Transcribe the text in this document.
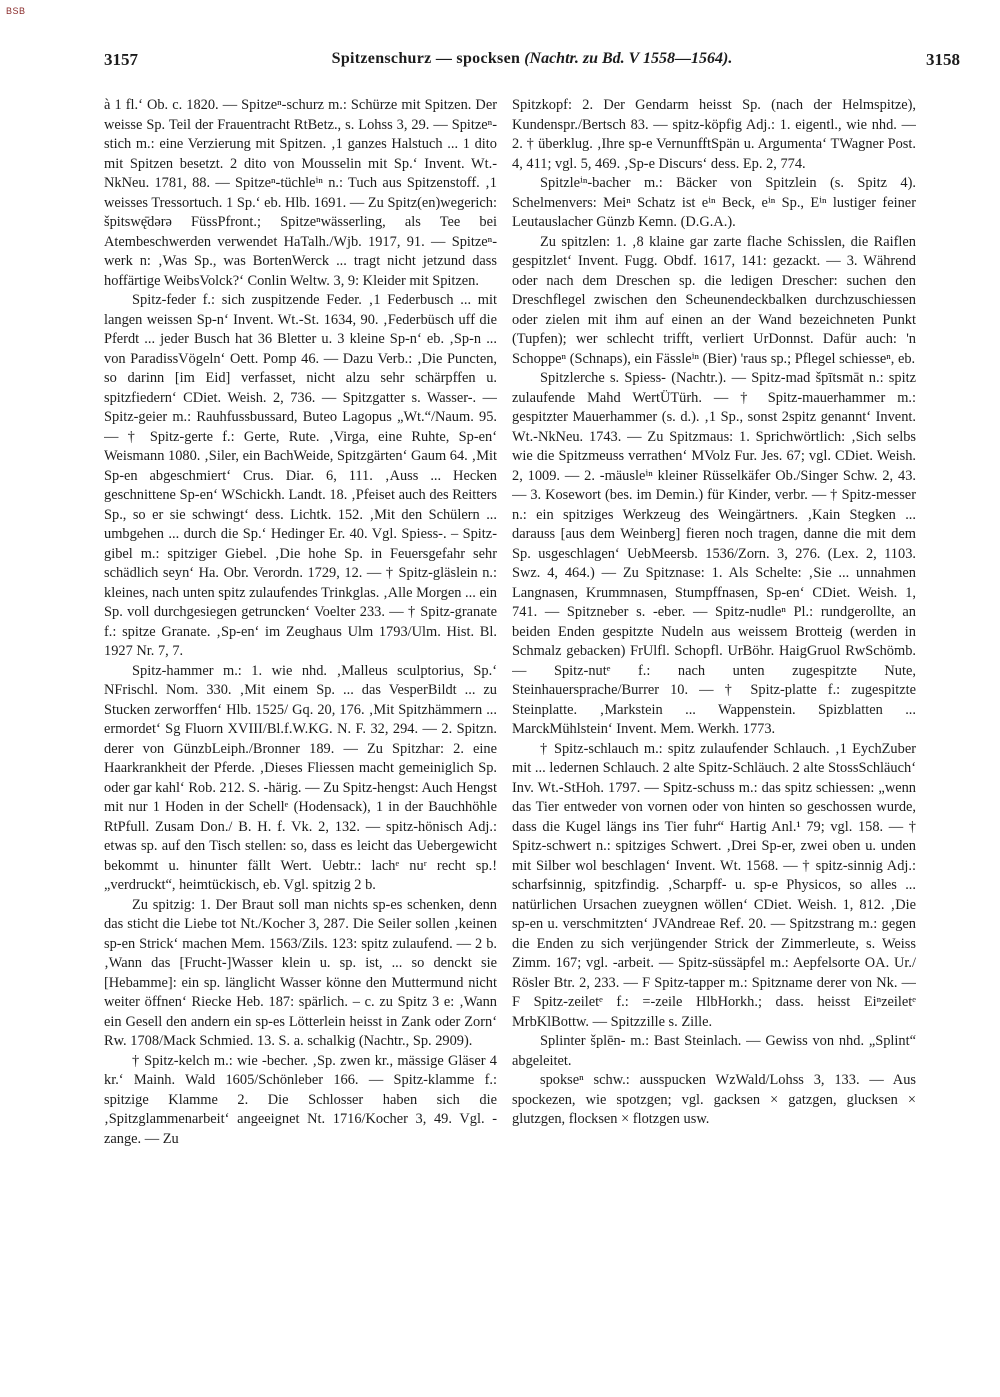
BSB
3157	Spitzenschurz — spocksen (Nachtr. zu Bd. V 1558—1564).	3158

à 1 fl.‘ Ob. c. 1820. — Spitzeⁿ-schurz m.: Schürze mit Spitzen. Der weisse Sp. Teil der Frauentracht RtBetz., s. Lohss 3, 29. — Spitzeⁿ-stich m.: eine Verzierung mit Spitzen. ‚1 ganzes Halstuch ... 1 dito mit Spitzen besetzt. 2 dito von Mousselin mit Sp.‘ Invent. Wt.-NkNeu. 1781, 88. — Spitzeⁿ-tüchleⁱⁿ n.: Tuch aus Spitzenstoff. ‚1 weisses Tressortuch. 1 Sp.‘ eb. Hlb. 1691. — Zu Spitz(en)wegerich: špitswę̄dərə FüssPfront.; Spitzeⁿwässerling, als Tee bei Atembeschwerden verwendet HaTalh./Wjb. 1917, 91. — Spitzeⁿ-werk n: ‚Was Sp., was BortenWerck ... tragt nicht jetzund dass hoffärtige WeibsVolck?‘ Conlin Weltw. 3, 9: Kleider mit Spitzen.

Spitz-feder f.: sich zuspitzende Feder. ‚1 Federbusch ... mit langen weissen Sp-n‘ Invent. Wt.-St. 1634, 90. ‚Federbüsch uff die Pferdt ... jeder Busch hat 36 Bletter u. 3 kleine Sp-n‘ eb. ‚Sp-n ... von ParadissVögeln‘ Oett. Pomp 46. — Dazu Verb.: ‚Die Puncten, so darinn [im Eid] verfasset, nicht alzu sehr schärpffen u. spitzfiedern‘ CDiet. Weish. 2, 736. — Spitzgatter s. Wasser-. — Spitz-geier m.: Rauhfussbussard, Buteo Lagopus „Wt.“/Naum. 95. — † Spitz-gerte f.: Gerte, Rute. ‚Virga, eine Ruhte, Sp-en‘ Weismann 1080. ‚Siler, ein BachWeide, Spitzgärten‘ Gaum 64. ‚Mit Sp-en abgeschmiert‘ Crus. Diar. 6, 111. ‚Auss ... Hecken geschnittene Sp-en‘ WSchickh. Landt. 18. ‚Pfeiset auch des Reitters Sp., so er sie schwingt‘ dess. Lichtk. 152. ‚Mit den Schülern ... umbgehen ... durch die Sp.‘ Hedinger Er. 40. Vgl. Spiess-. – Spitz-gibel m.: spitziger Giebel. ‚Die hohe Sp. in Feuersgefahr sehr schädlich seyn‘ Ha. Obr. Verordn. 1729, 12. — † Spitz-gläslein n.: kleines, nach unten spitz zulaufendes Trinkglas. ‚Alle Morgen ... ein Sp. voll durchgesiegen getruncken‘ Voelter 233. — † Spitz-granate f.: spitze Granate. ‚Sp-en‘ im Zeughaus Ulm 1793/Ulm. Hist. Bl. 1927 Nr. 7, 7.

Spitz-hammer m.: 1. wie nhd. ‚Malleus sculptorius, Sp.‘ NFrischl. Nom. 330. ‚Mit einem Sp. ... das VesperBildt ... zu Stucken zerworffen‘ Hlb. 1525/ Gq. 20, 176. ‚Mit Spitzhämmern ... ermordet‘ Sg Fluorn XVIII/Bl.f.W.KG. N. F. 32, 294. — 2. Spitzn. derer von GünzbLeiph./Bronner 189. — Zu Spitzhar: 2. eine Haarkrankheit der Pferde. ‚Dieses Fliessen macht gemeiniglich Sp. oder gar kahl‘ Rob. 212. S. -härig. — Zu Spitz-hengst: Auch Hengst mit nur 1 Hoden in der Schellᵉ (Hodensack), 1 in der Bauchhöhle RtPfull. Zusam Don./ B. H. f. Vk. 2, 132. — spitz-hönisch Adj.: etwas sp. auf den Tisch stellen: so, dass es leicht das Uebergewicht bekommt u. hinunter fällt Wert. Uebtr.: lachᵉ nuʳ recht sp.! „verdruckt“, heimtückisch, eb. Vgl. spitzig 2 b.

Zu spitzig: 1. Der Braut soll man nichts sp-es schenken, denn das sticht die Liebe tot Nt./Kocher 3, 287. Die Seiler sollen ‚keinen sp-en Strick‘ machen Mem. 1563/Zils. 123: spitz zulaufend. — 2 b. ‚Wann das [Frucht-]Wasser klein u. sp. ist, ... so denckt sie [Hebamme]: ein sp. länglicht Wasser könne den Muttermund nicht weiter öffnen‘ Riecke Heb. 187: spärlich. – c. zu Spitz 3 e: ‚Wann ein Gesell den andern ein sp-es Lötterlein heisst in Zank oder Zorn‘ Rw. 1708/Mack Schmied. 13. S. a. schalkig (Nachtr., Sp. 2909).

† Spitz-kelch m.: wie -becher. ‚Sp. zwen kr., mässige Gläser 4 kr.‘ Mainh. Wald 1605/Schönleber 166. — Spitz-klamme f.: spitzige Klamme 2. Die Schlosser haben sich die ‚Spitzglammenarbeit‘ angeeignet Nt. 1716/Kocher 3, 49. Vgl. -zange. — Zu

Spitzkopf: 2. Der Gendarm heisst Sp. (nach der Helmspitze), Kundenspr./Bertsch 83. — spitz-köpfig Adj.: 1. eigentl., wie nhd. — 2. † überklug. ‚Ihre sp-e VernunfftSpän u. Argumenta‘ TWagner Post. 4, 411; vgl. 5, 469. ‚Sp-e Discurs‘ dess. Ep. 2, 774.

Spitzleⁱⁿ-bacher m.: Bäcker von Spitzlein (s. Spitz 4). Schelmenvers: Meiⁿ Schatz ist eⁱⁿ Beck, eⁱⁿ Sp., Eⁱⁿ lustiger feiner Leutauslacher Günzb Kemn. (D.G.A.).

Zu spitzlen: 1. ‚8 klaine gar zarte flache Schisslen, die Raiflen gespitzlet‘ Invent. Fugg. Obdf. 1617, 141: gezackt. — 3. Während oder nach dem Dreschen sp. die ledigen Drescher: suchen den Dreschflegel zwischen den Scheunendeckbalken durchzuschiessen oder zielen mit ihm auf einen an der Wand bezeichneten Punkt (Tupfen); wer schlecht trifft, verliert UrDonnst. Dafür auch: 'n Schoppeⁿ (Schnaps), ein Fässleⁱⁿ (Bier) 'raus sp.; Pflegel schiesseⁿ, eb.

Spitzlerche s. Spiess- (Nachtr.). — Spitz-mad špītsmāt n.: spitz zulaufende Mahd WertÜTürh. — † Spitz-mauerhammer m.: gespitzter Mauerhammer (s. d.). ‚1 Sp., sonst 2spitz genannt‘ Invent. Wt.-NkNeu. 1743. — Zu Spitzmaus: 1. Sprichwörtlich: ‚Sich selbs wie die Spitzmeuss verrathen‘ MVolz Fur. Jes. 67; vgl. CDiet. Weish. 2, 1009. — 2. -mäusleⁱⁿ kleiner Rüsselkäfer Ob./Singer Schw. 2, 43. — 3. Kosewort (bes. im Demin.) für Kinder, verbr. — † Spitz-messer n.: ein spitziges Werkzeug des Weingärtners. ‚Kain Stegken ... darauss [aus dem Weinberg] fieren noch tragen, danne die mit dem Sp. usgeschlagen‘ UebMeersb. 1536/Zorn. 3, 276. (Lex. 2, 1103. Swz. 4, 464.) — Zu Spitznase: 1. Als Schelte: ‚Sie ... unnahmen Langnasen, Krummnasen, Stumpffnasen, Sp-en‘ CDiet. Weish. 1, 741. — Spitzneber s. -eber. — Spitz-nudleⁿ Pl.: rundgerollte, an beiden Enden gespitzte Nudeln aus weissem Brotteig (werden in Schmalz gebacken) FrUlfl. Schopfl. UrBöhr. HaigGruol RwSchömb. — Spitz-nutᵉ f.: nach unten zugespitzte Nute, Steinhauersprache/Burrer 10. — † Spitz-platte f.: zugespitzte Steinplatte. ‚Markstein ... Wappenstein. Spizblatten ... MarckMühlstein‘ Invent. Mem. Werkh. 1773.

† Spitz-schlauch m.: spitz zulaufender Schlauch. ‚1 EychZuber mit ... ledernen Schlauch. 2 alte Spitz-Schläuch. 2 alte StossSchläuch‘ Inv. Wt.-StHoh. 1797. — Spitz-schuss m.: das spitz schiessen: „wenn das Tier entweder von vornen oder von hinten so geschossen wurde, dass die Kugel längs ins Tier fuhr“ Hartig Anl.¹ 79; vgl. 158. — † Spitz-schwert n.: spitziges Schwert. ‚Drei Sp-er, zwei oben u. unden mit Silber wol beschlagen‘ Invent. Wt. 1568. — † spitz-sinnig Adj.: scharfsinnig, spitzfindig. ‚Scharpff- u. sp-e Physicos, so alles ... natürlichen Ursachen zueygnen wöllen‘ CDiet. Weish. 1, 812. ‚Die sp-en u. verschmitzten‘ JVAndreae Ref. 20. — Spitzstrang m.: gegen die Enden zu sich verjüngender Strick der Zimmerleute, s. Weiss Zimm. 167; vgl. -arbeit. — Spitz-süssäpfel m.: Aepfelsorte OA. Ur./ Rösler Btr. 2, 233. — F Spitz-tapper m.: Spitzname derer von Nk. — F Spitz-zeiletᵉ f.: =-zeile HlbHorkh.; dass. heisst Eiⁿzeiletᵉ MrbKlBottw. — Spitzzille s. Zille.

Splinter šplēn- m.: Bast Steinlach. — Gewiss von nhd. „Splint“ abgeleitet.

spokseⁿ schw.: ausspucken WzWald/Lohss 3, 133. — Aus spockezen, wie spotzgen; vgl. gacksen × gatzgen, glucksen × glutzgen, flocksen × flotzgen usw.
